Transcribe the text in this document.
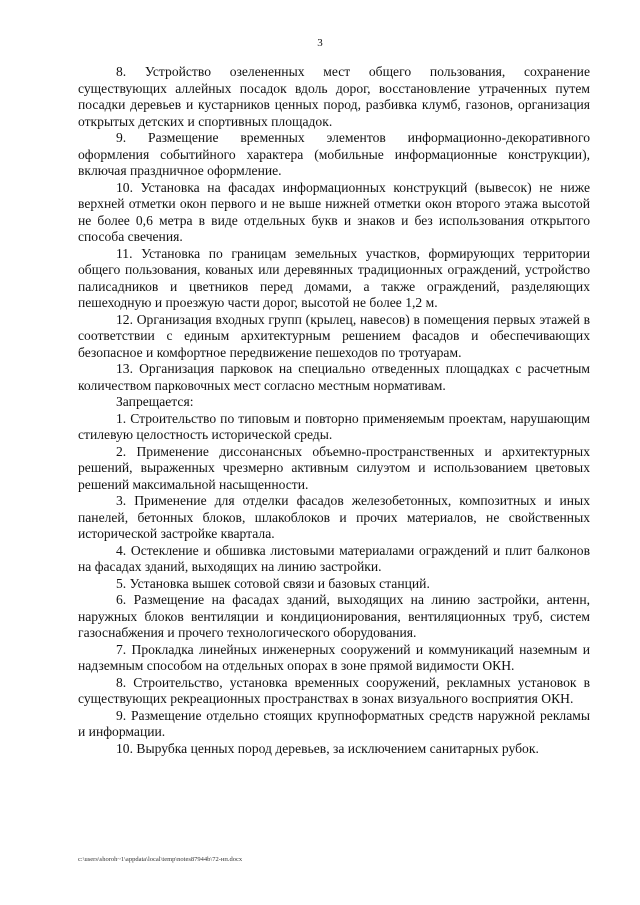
3

8. Устройство озелененных мест общего пользования, сохранение существующих аллейных посадок вдоль дорог, восстановление утраченных путем посадки деревьев и кустарников ценных пород, разбивка клумб, газонов, организация открытых детских и спортивных площадок.

9. Размещение временных элементов информационно-декоративного оформления событийного характера (мобильные информационные конструкции), включая праздничное оформление.

10. Установка на фасадах информационных конструкций (вывесок) не ниже верхней отметки окон первого и не выше нижней отметки окон второго этажа высотой не более 0,6 метра в виде отдельных букв и знаков и без использования открытого способа свечения.

11. Установка по границам земельных участков, формирующих территории общего пользования, кованых или деревянных традиционных ограждений, устройство палисадников и цветников перед домами, а также ограждений, разделяющих пешеходную и проезжую части дорог, высотой не более 1,2 м.

12. Организация входных групп (крылец, навесов) в помещения первых этажей в соответствии с единым архитектурным решением фасадов и обеспечивающих безопасное и комфортное передвижение пешеходов по тротуарам.

13. Организация парковок на специально отведенных площадках с расчетным количеством парковочных мест согласно местным нормативам.

Запрещается:

1. Строительство по типовым и повторно применяемым проектам, нарушающим стилевую целостность исторической среды.

2. Применение диссонансных объемно-пространственных и архитектурных решений, выраженных чрезмерно активным силуэтом и использованием цветовых решений максимальной насыщенности.

3. Применение для отделки фасадов железобетонных, композитных и иных панелей, бетонных блоков, шлакоблоков и прочих материалов, не свойственных исторической застройке квартала.

4. Остекление и обшивка листовыми материалами ограждений и плит балконов на фасадах зданий, выходящих на линию застройки.

5. Установка вышек сотовой связи и базовых станций.

6. Размещение на фасадах зданий, выходящих на линию застройки, антенн, наружных блоков вентиляции и кондиционирования, вентиляционных труб, систем газоснабжения и прочего технологического оборудования.

7. Прокладка линейных инженерных сооружений и коммуникаций наземным и надземным способом на отдельных опорах в зоне прямой видимости ОКН.

8. Строительство, установка временных сооружений, рекламных установок в существующих рекреационных пространствах в зонах визуального восприятия ОКН.

9. Размещение отдельно стоящих крупноформатных средств наружной рекламы и информации.

10. Вырубка ценных пород деревьев, за исключением санитарных рубок.

c:\users\shoroh~1\appdata\local\temp\notes87944b\72-нп.docx
